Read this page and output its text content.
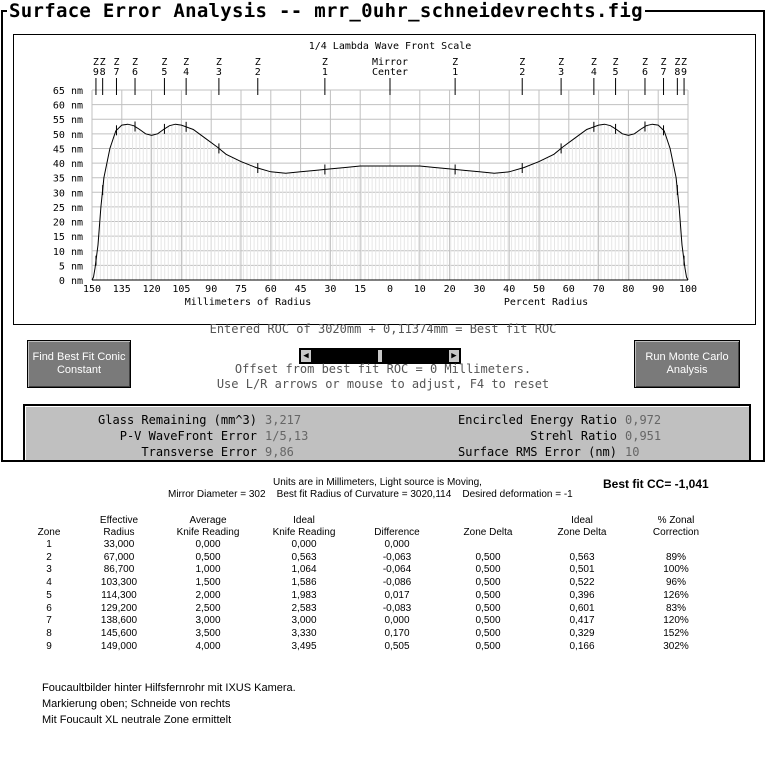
1/4 Lambda Wave Front Scale
65 nm
60 nm
55 nm
50 nm
45 nm
40 nm
35 nm
30 nm
25 nm
20 nm
15 nm
10 nm
5 nm
0 nm
150 135 120 105 90 75 60 45 30 15 0 10 20 30 40 50 60 70 80 90 100
Millimeters of Radius	Percent Radius
Mirror
Center
Z
9
Z
9
Z
8
Z
8
Z
7
Z
7
Z
6
Z
6
Z
5
Z
5
Z
4
Z
4
Z
3
Z
3
Z
2
Z
2
Z
1
Z
1
Find Best Fit Conic Constant
Run Monte Carlo Analysis
Entered ROC of 3020mm + 0,11374mm = Best fit ROC
◀	▶
Offset from best fit ROC = 0 Millimeters.
Use L/R arrows or mouse to adjust, F4 to reset
Glass Remaining (mm^3) 3,217
P-V WaveFront Error 1/5,13
Transverse Error 9,86
Encircled Energy Ratio 0,972
Strehl Ratio 0,951
Surface RMS Error (nm) 10
Surface Error Analysis -- mrr_0uhr_schneidevrechts.fig
Units are in Millimeters, Light source is Moving,
Mirror Diameter = 302    Best fit Radius of Curvature = 3020,114    Desired deformation = -1
Best fit CC= -1,041
	Effective	Average	Ideal			Ideal	% Zonal
Zone	Radius	Knife Reading	Knife Reading	Difference	Zone Delta	Zone Delta	Correction
1	33,000	0,000	0,000	0,000			
2	67,000	0,500	0,563	-0,063	0,500	0,563	89%
3	86,700	1,000	1,064	-0,064	0,500	0,501	100%
4	103,300	1,500	1,586	-0,086	0,500	0,522	96%
5	114,300	2,000	1,983	0,017	0,500	0,396	126%
6	129,200	2,500	2,583	-0,083	0,500	0,601	83%
7	138,600	3,000	3,000	0,000	0,500	0,417	120%
8	145,600	3,500	3,330	0,170	0,500	0,329	152%
9	149,000	4,000	3,495	0,505	0,500	0,166	302%
Foucaultbilder hinter Hilfsfernrohr mit IXUS Kamera.
Markierung oben; Schneide von rechts
Mit Foucault XL neutrale Zone ermittelt
